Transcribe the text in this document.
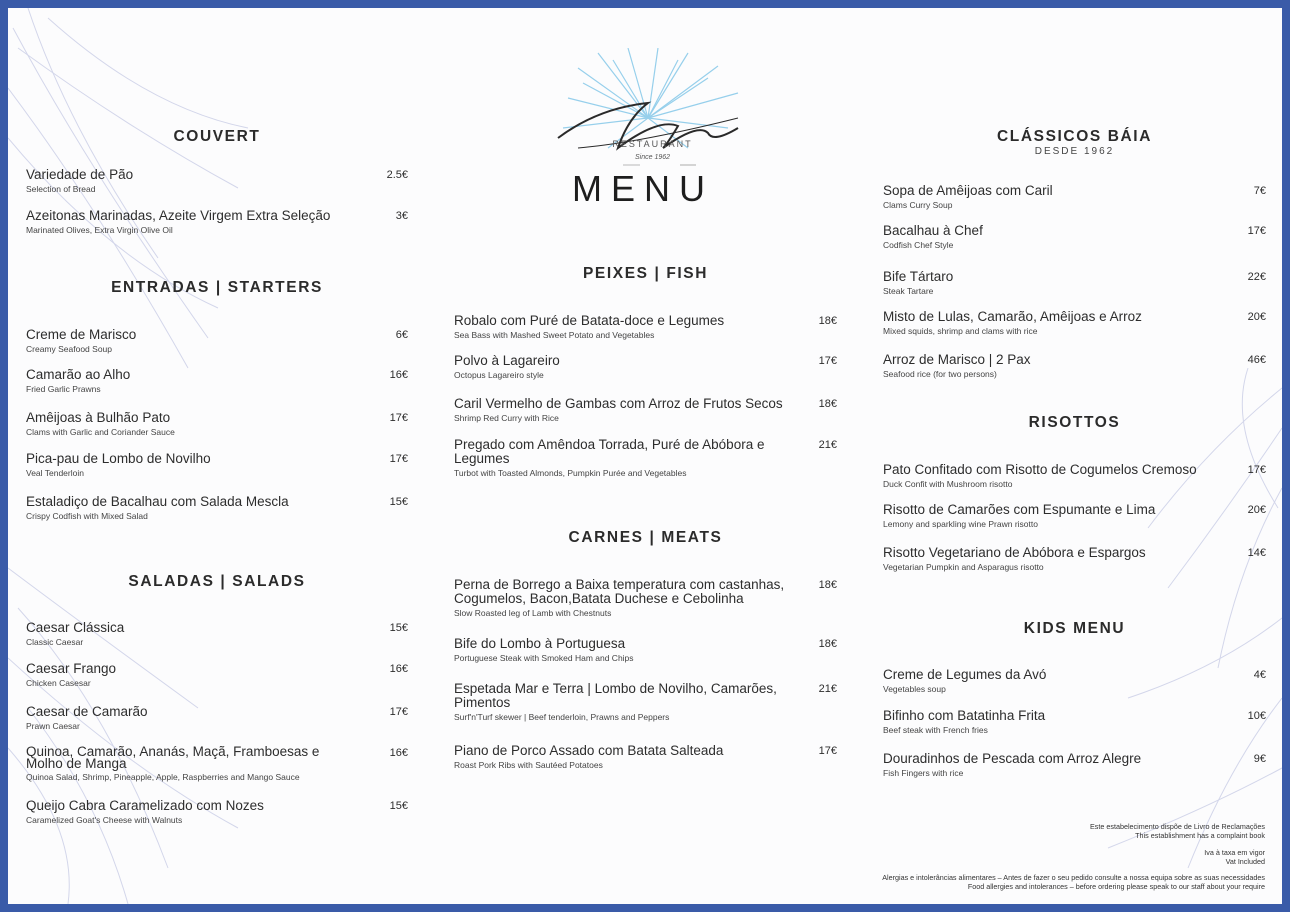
RESTAURANT
Since 1962
MENU
COUVERT
Variedade de Pão
Selection of Bread
2.5€
Azeitonas Marinadas, Azeite Virgem Extra Seleção
Marinated Olives, Extra Virgin Olive Oil
3€
ENTRADAS | STARTERS
Creme de Marisco
Creamy Seafood Soup
6€
Camarão ao Alho
Fried Garlic Prawns
16€
Amêijoas à Bulhão Pato
Clams with Garlic and Coriander Sauce
17€
Pica-pau de Lombo de Novilho
Veal Tenderloin
17€
Estaladiço de Bacalhau com Salada Mescla
Crispy Codfish with Mixed Salad
15€
SALADAS | SALADS
Caesar Clássica
Classic Caesar
15€
Caesar Frango
Chicken Casesar
16€
Caesar de Camarão
Prawn Caesar
17€
Quinoa, Camarão, Ananás, Maçã, Framboesas e Molho de Manga
Quinoa Salad, Shrimp, Pineapple, Apple, Raspberries and Mango Sauce
16€
Queijo Cabra Caramelizado com Nozes
Caramelized Goat's Cheese with Walnuts
15€
PEIXES | FISH
Robalo com Puré de Batata-doce e Legumes
Sea Bass with Mashed Sweet Potato and Vegetables
18€
Polvo à Lagareiro
Octopus Lagareiro style
17€
Caril Vermelho de Gambas com Arroz de Frutos Secos
Shrimp Red Curry with Rice
18€
Pregado com Amêndoa Torrada, Puré de Abóbora e Legumes
Turbot with Toasted Almonds, Pumpkin Purée and Vegetables
21€
CARNES | MEATS
Perna de Borrego a Baixa temperatura com castanhas, Cogumelos, Bacon,Batata Duchese e Cebolinha
Slow Roasted leg of Lamb with Chestnuts
18€
Bife do Lombo à Portuguesa
Portuguese Steak with Smoked Ham and Chips
18€
Espetada Mar e Terra | Lombo de Novilho, Camarões, Pimentos
Surf'n'Turf skewer | Beef tenderloin, Prawns and Peppers
21€
Piano de Porco Assado com Batata Salteada
Roast Pork Ribs with Sautéed Potatoes
17€
CLÁSSICOS BÁIA
DESDE 1962
Sopa de Amêijoas com Caril
Clams Curry Soup
7€
Bacalhau à Chef
Codfish Chef Style
17€
Bife Tártaro
Steak Tartare
22€
Misto de Lulas, Camarão, Amêijoas e Arroz
Mixed squids, shrimp and clams with rice
20€
Arroz de Marisco | 2 Pax
Seafood rice (for two persons)
46€
RISOTTOS
Pato Confitado com Risotto de Cogumelos Cremoso
Duck Confit with Mushroom risotto
17€
Risotto de Camarões com Espumante e Lima
Lemony and sparkling wine Prawn risotto
20€
Risotto Vegetariano de Abóbora e Espargos
Vegetarian Pumpkin and Asparagus risotto
14€
KIDS MENU
Creme de Legumes da Avó
Vegetables soup
4€
Bifinho com Batatinha Frita
Beef steak with French fries
10€
Douradinhos de Pescada com Arroz Alegre
Fish Fingers with rice
9€
Este estabelecimento dispõe de Livro de Reclamações
This establishment has a complaint book
Iva à taxa em vigor
Vat Included
Alergias e intolerâncias alimentares – Antes de fazer o seu pedido consulte a nossa equipa sobre as suas necessidades
Food allergies and intolerances – before ordering please speak to our staff about your require
